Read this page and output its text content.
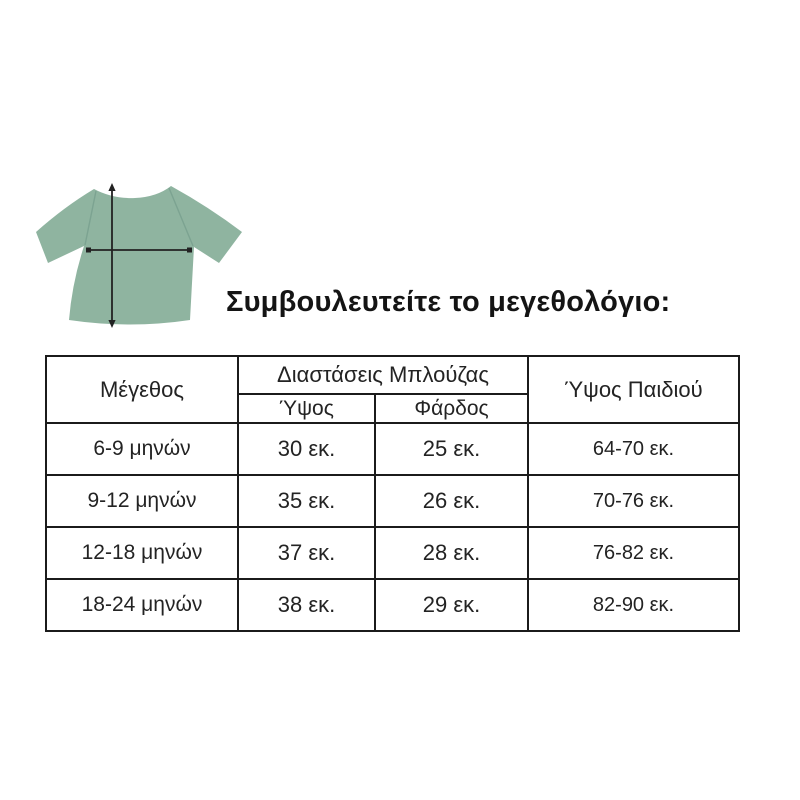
Συμβουλευτείτε το μεγεθολόγιο:
Μέγεθος	Διαστάσεις Μπλούζας		Ύψος Παιδιού
	Ύψος	Φάρδος	
6-9 μηνών	30 εκ.	25 εκ.	64-70 εκ.
9-12 μηνών	35 εκ.	26 εκ.	70-76 εκ.
12-18 μηνών	37 εκ.	28 εκ.	76-82 εκ.
18-24 μηνών	38 εκ.	29 εκ.	82-90 εκ.
